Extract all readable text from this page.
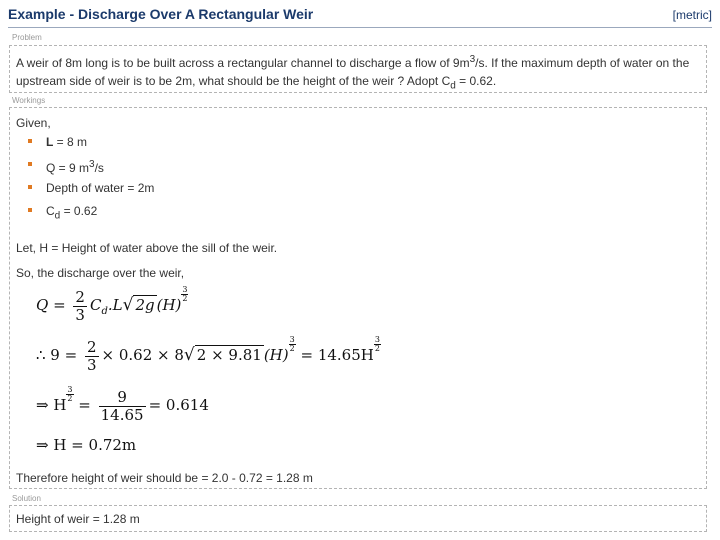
Example - Discharge Over A Rectangular Weir	[metric]
Problem
A weir of 8m long is to be built across a rectangular channel to discharge a flow of $9m^3/s$. If the maximum depth of water on the upstream side of weir is to be 2m, what should be the height of the weir ? Adopt $C_d = 0.62$.
Workings
Given,
L = 8 m
Q = 9 $m^3/s$
Depth of water = 2m
$C_d = 0.62$
Let, H = Height of water above the sill of the weir.
So, the discharge over the weir,
$Q = \frac{2}{3} C_d.L√$ 2g (H)
$\frac{3}{2}$
∴ $9 = \frac{2}{3} \times 0.62 \times 8√$ 2 × 9.81 (H)
$\frac{3}{2}$
= 14.65H
$\frac{3}{2}$
⇒ H
$\frac{3}{2}$
= $\frac{9}{14.65} = 0.614$
⇒ H = 0.72m
Therefore height of weir should be = 2.0 - 0.72 = 1.28 m
Solution
Height of weir = 1.28 m
